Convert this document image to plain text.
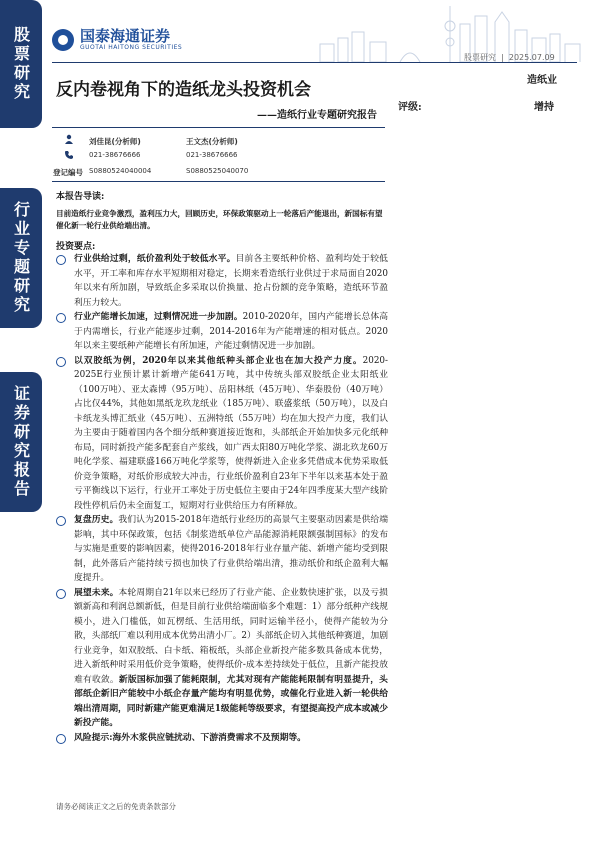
股票研究
行业专题研究
证券研究报告
国泰海通证券
GUOTAI HAITONG SECURITIES
股票研究  |  2025.07.09
反内卷视角下的造纸龙头投资机会
——造纸行业专题研究报告
造纸业
评级:	增持
刘佳昆(分析师)	王文杰(分析师)
021-38676666	021-38676666
登记编号 S0880524040004	S0880525040070
本报告导读:
目前造纸行业竞争激烈，盈利压力大，回顾历史，环保政策驱动上一轮落后产能退出，新国标有望催化新一轮行业供给端出清。
投资要点:
行业供给过剩，纸价盈利处于较低水平。目前各主要纸种价格、盈利均处于较低水平，开工率和库存水平短期相对稳定，长期来看造纸行业供过于求局面自2020年以来有所加剧，导致纸企多采取以价换量、抢占份额的竞争策略，造纸环节盈利压力较大。
行业产能增长加速，过剩情况进一步加剧。2010-2020年，国内产能增长总体高于内需增长，行业产能逐步过剩，2014-2016年为产能增速的相对低点。2020年以来主要纸种产能增长有所加速，产能过剩情况进一步加剧。
以双胶纸为例，2020年以来其他纸种头部企业也在加大投产力度。2020-2025E行业预计累计新增产能641万吨，其中传统头部双胶纸企业太阳纸业（100万吨）、亚太森博（95万吨）、岳阳林纸（45万吨）、华泰股份（40万吨）占比仅44%，其他如黑纸龙玖龙纸业（185万吨）、联盛浆纸（50万吨），以及白卡纸龙头博汇纸业（45万吨）、五洲特纸（55万吨）均在加大投产力度，我们认为主要由于随着国内各个细分纸种赛道接近饱和，头部纸企开始加快多元化纸种布局，同时新投产能多配套自产浆线，如广西太阳80万吨化学浆、湖北玖龙60万吨化学浆、福建联盛166万吨化学浆等，使得新进入企业多凭借成本优势采取低价竞争策略，对纸价形成较大冲击，行业纸价盈利自23年下半年以来基本处于盈亏平衡线以下运行，行业开工率处于历史低位主要由于24年四季度某大型产线阶段性停机后仍未全面复工，短期对行业供给压力有所释放。
复盘历史。我们认为2015-2018年造纸行业经历的高景气主要驱动因素是供给端影响，其中环保政策，包括《制浆造纸单位产品能源消耗限额强制国标》的发布与实施是重要的影响因素，使得2016-2018年行业存量产能、新增产能均受到限制，此外落后产能持续亏损也加快了行业供给端出清，推动纸价和纸企盈利大幅度提升。
展望未来。本轮周期自21年以来已经历了行业产能、企业数快速扩张，以及亏损额新高和利润总额新低，但是目前行业供给端面临多个难题：1）部分纸种产线规模小，进入门槛低，如瓦楞纸、生活用纸，同时运输半径小，使得产能较为分散，头部纸厂难以利用成本优势出清小厂。2）头部纸企切入其他纸种赛道，加剧行业竞争，如双胶纸、白卡纸、箱板纸，头部企业新投产能多数具备成本优势，进入新纸种时采用低价竞争策略，使得纸价-成本差持续处于低位，且新产能投放难有收敛。新版国标加强了能耗限制，尤其对现有产能能耗限制有明显提升，头部纸企新旧产能较中小纸企存量产能均有明显优势，或催化行业进入新一轮供给端出清周期，同时新建产能更难满足1级能耗等级要求，有望提高投产成本或减少新投产能。
风险提示:海外木浆供应链扰动、下游消费需求不及预期等。
请务必阅读正文之后的免责条款部分
